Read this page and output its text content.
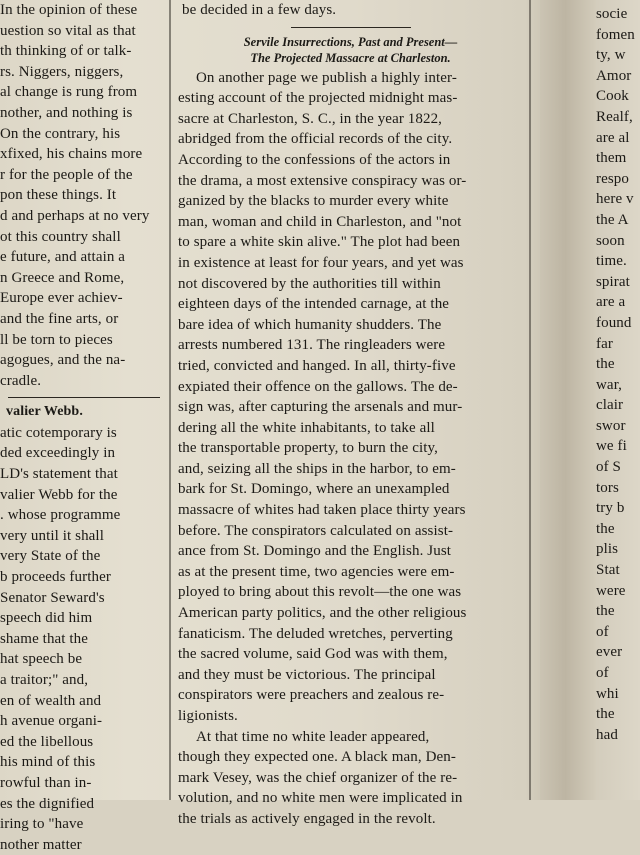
In the opinion of these
uestion so vital as that
th thinking of or talk-
rs. Niggers, niggers,
al change is rung from
nother, and nothing is
On the contrary, his
xfixed, his chains more
r for the people of the
pon these things. It
d and perhaps at no very
ot this country shall
e future, and attain a
n Greece and Rome,
Europe ever achiev-
and the fine arts, or
ll be torn to pieces
agogues, and the na-
cradle.
valier Webb.
atic cotemporary is
ded exceedingly in
LD's statement that
valier Webb for the
. whose programme
very until it shall
very State of the
b proceeds further
Senator Seward's
speech did him
shame that the
hat speech be
a traitor;" and,
en of wealth and
h avenue organi-
ed the libellous
his mind of this
rowful than in-
es the dignified
iring to "have
nother matter
be decided in a few days.
Servile Insurrections, Past and Present—
The Projected Massacre at Charleston.
On another page we publish a highly inter-
esting account of the projected midnight mas-
sacre at Charleston, S. C., in the year 1822,
abridged from the official records of the city.
According to the confessions of the actors in
the drama, a most extensive conspiracy was or-
ganized by the blacks to murder every white
man, woman and child in Charleston, and "not
to spare a white skin alive." The plot had been
in existence at least for four years, and yet was
not discovered by the authorities till within
eighteen days of the intended carnage, at the
bare idea of which humanity shudders. The
arrests numbered 131. The ringleaders were
tried, convicted and hanged. In all, thirty-five
expiated their offence on the gallows. The de-
sign was, after capturing the arsenals and mur-
dering all the white inhabitants, to take all
the transportable property, to burn the city,
and, seizing all the ships in the harbor, to em-
bark for St. Domingo, where an unexampled
massacre of whites had taken place thirty years
before. The conspirators calculated on assist-
ance from St. Domingo and the English. Just
as at the present time, two agencies were em-
ployed to bring about this revolt—the one was
American party politics, and the other religious
fanaticism. The deluded wretches, perverting
the sacred volume, said God was with them,
and they must be victorious. The principal
conspirators were preachers and zealous re-
ligionists.
At that time no white leader appeared,
though they expected one. A black man, Den-
mark Vesey, was the chief organizer of the re-
volution, and no white men were implicated in
the trials as actively engaged in the revolt.
socie
fomen
ty, w
Amor
Cook
Realf,
are al
them
respo
here v
the A
soon
time.
spirat
are a
found
far
the
war,
clair
swor
we fi
of S
tors
try b
the
plis
Stat
were
the
of
ever
of
whi
the
had
